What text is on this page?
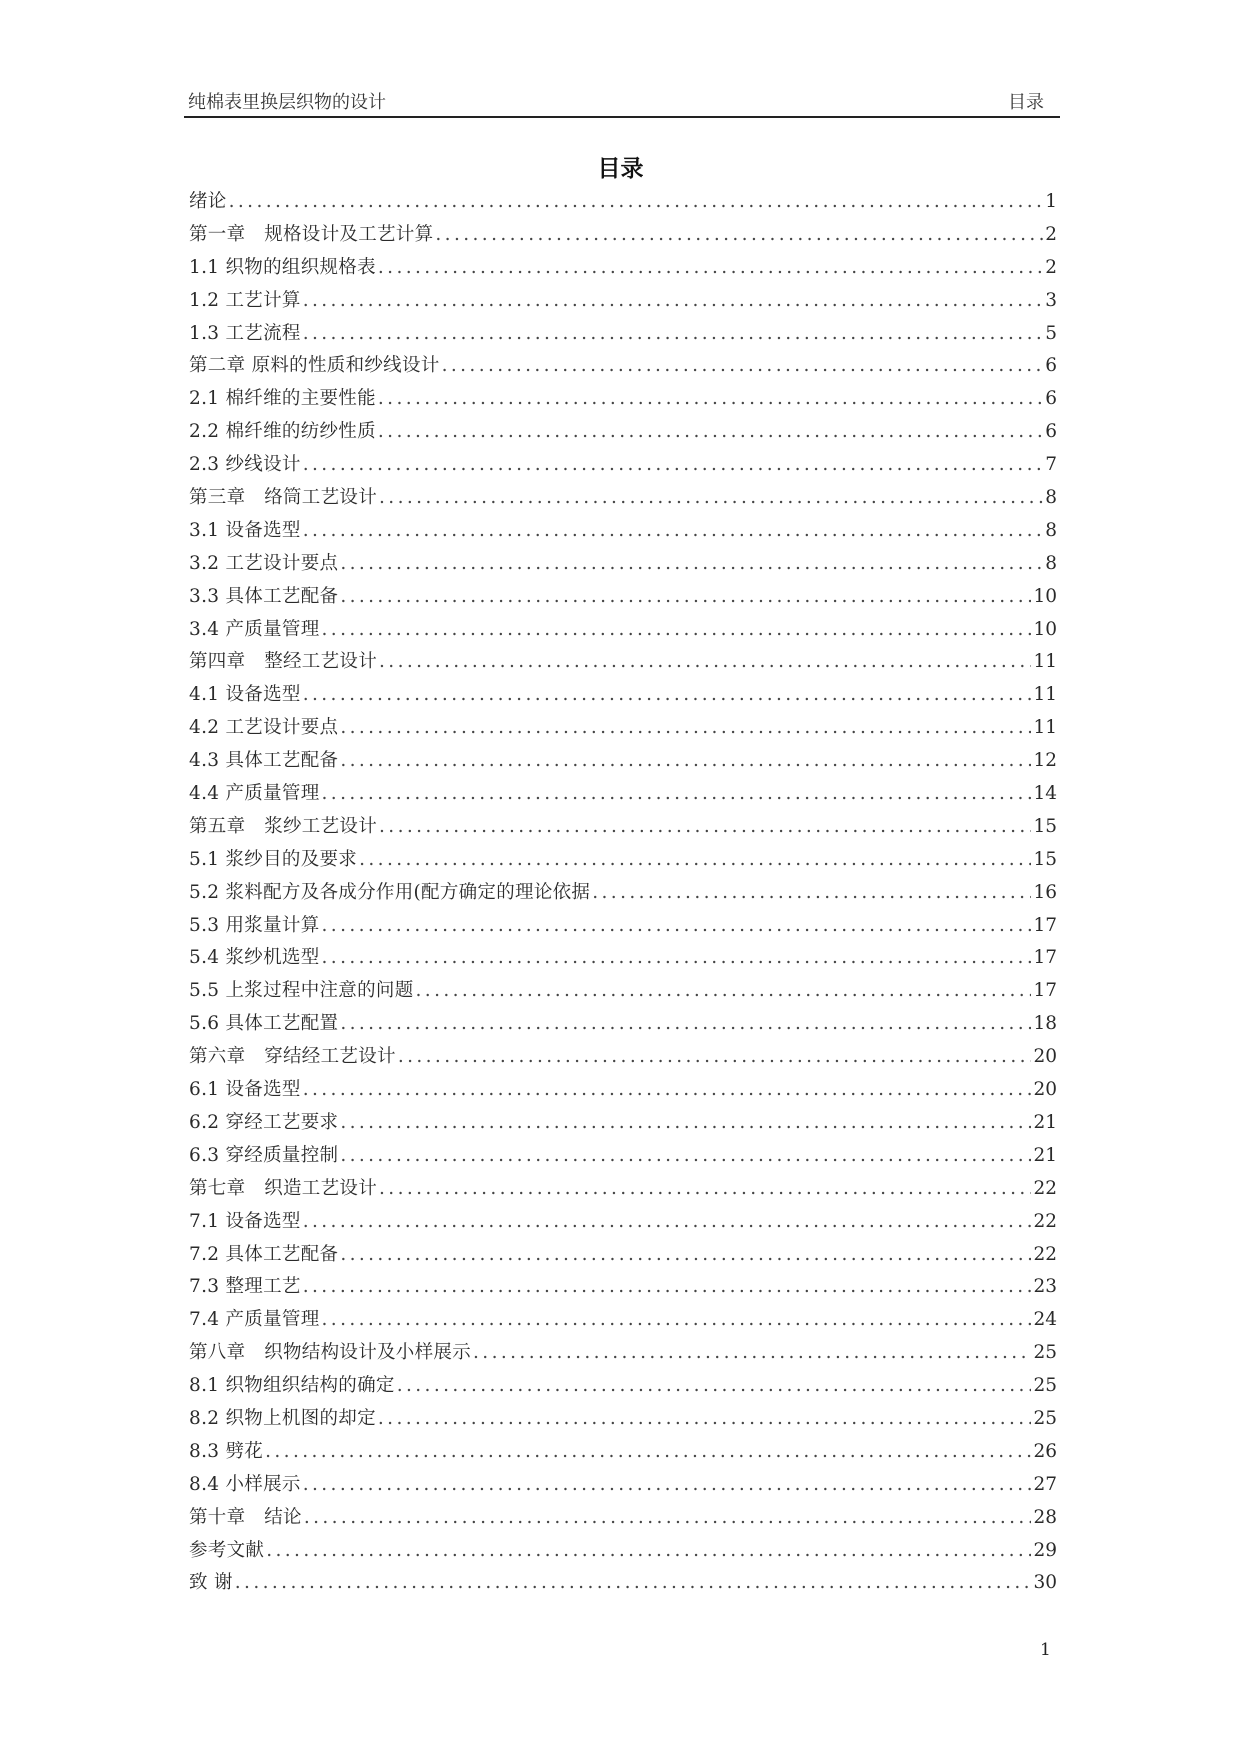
纯棉表里换层织物的设计	目录
目录
绪论 .....	1
第一章　规格设计及工艺计算 .....	2
1.1 织物的组织规格表 .....	2
1.2 工艺计算 .....	3
1.3 工艺流程 .....	5
第二章 原料的性质和纱线设计 .....	6
2.1 棉纤维的主要性能 .....	6
2.2 棉纤维的纺纱性质 .....	6
2.3 纱线设计 .....	7
第三章　络筒工艺设计 .....	8
3.1 设备选型 .....	8
3.2 工艺设计要点 .....	8
3.3 具体工艺配备 .....	10
3.4 产质量管理 .....	10
第四章　整经工艺设计 .....	11
4.1 设备选型 .....	11
4.2 工艺设计要点 .....	11
4.3 具体工艺配备 .....	12
4.4 产质量管理 .....	14
第五章　浆纱工艺设计 .....	15
5.1 浆纱目的及要求 .....	15
5.2 浆料配方及各成分作用(配方确定的理论依据 .....	16
5.3 用浆量计算 .....	17
5.4 浆纱机选型 .....	17
5.5 上浆过程中注意的问题 .....	17
5.6 具体工艺配置 .....	18
第六章　穿结经工艺设计 .....	20
6.1 设备选型 .....	20
6.2 穿经工艺要求 .....	21
6.3 穿经质量控制 .....	21
第七章　织造工艺设计 .....	22
7.1 设备选型 .....	22
7.2 具体工艺配备 .....	22
7.3 整理工艺 .....	23
7.4 产质量管理 .....	24
第八章　织物结构设计及小样展示 .....	25
8.1 织物组织结构的确定 .....	25
8.2 织物上机图的却定 .....	25
8.3 劈花 .....	26
8.4 小样展示 .....	27
第十章　结论 .....	28
参考文献 .....	29
致 谢 .....	30
1
